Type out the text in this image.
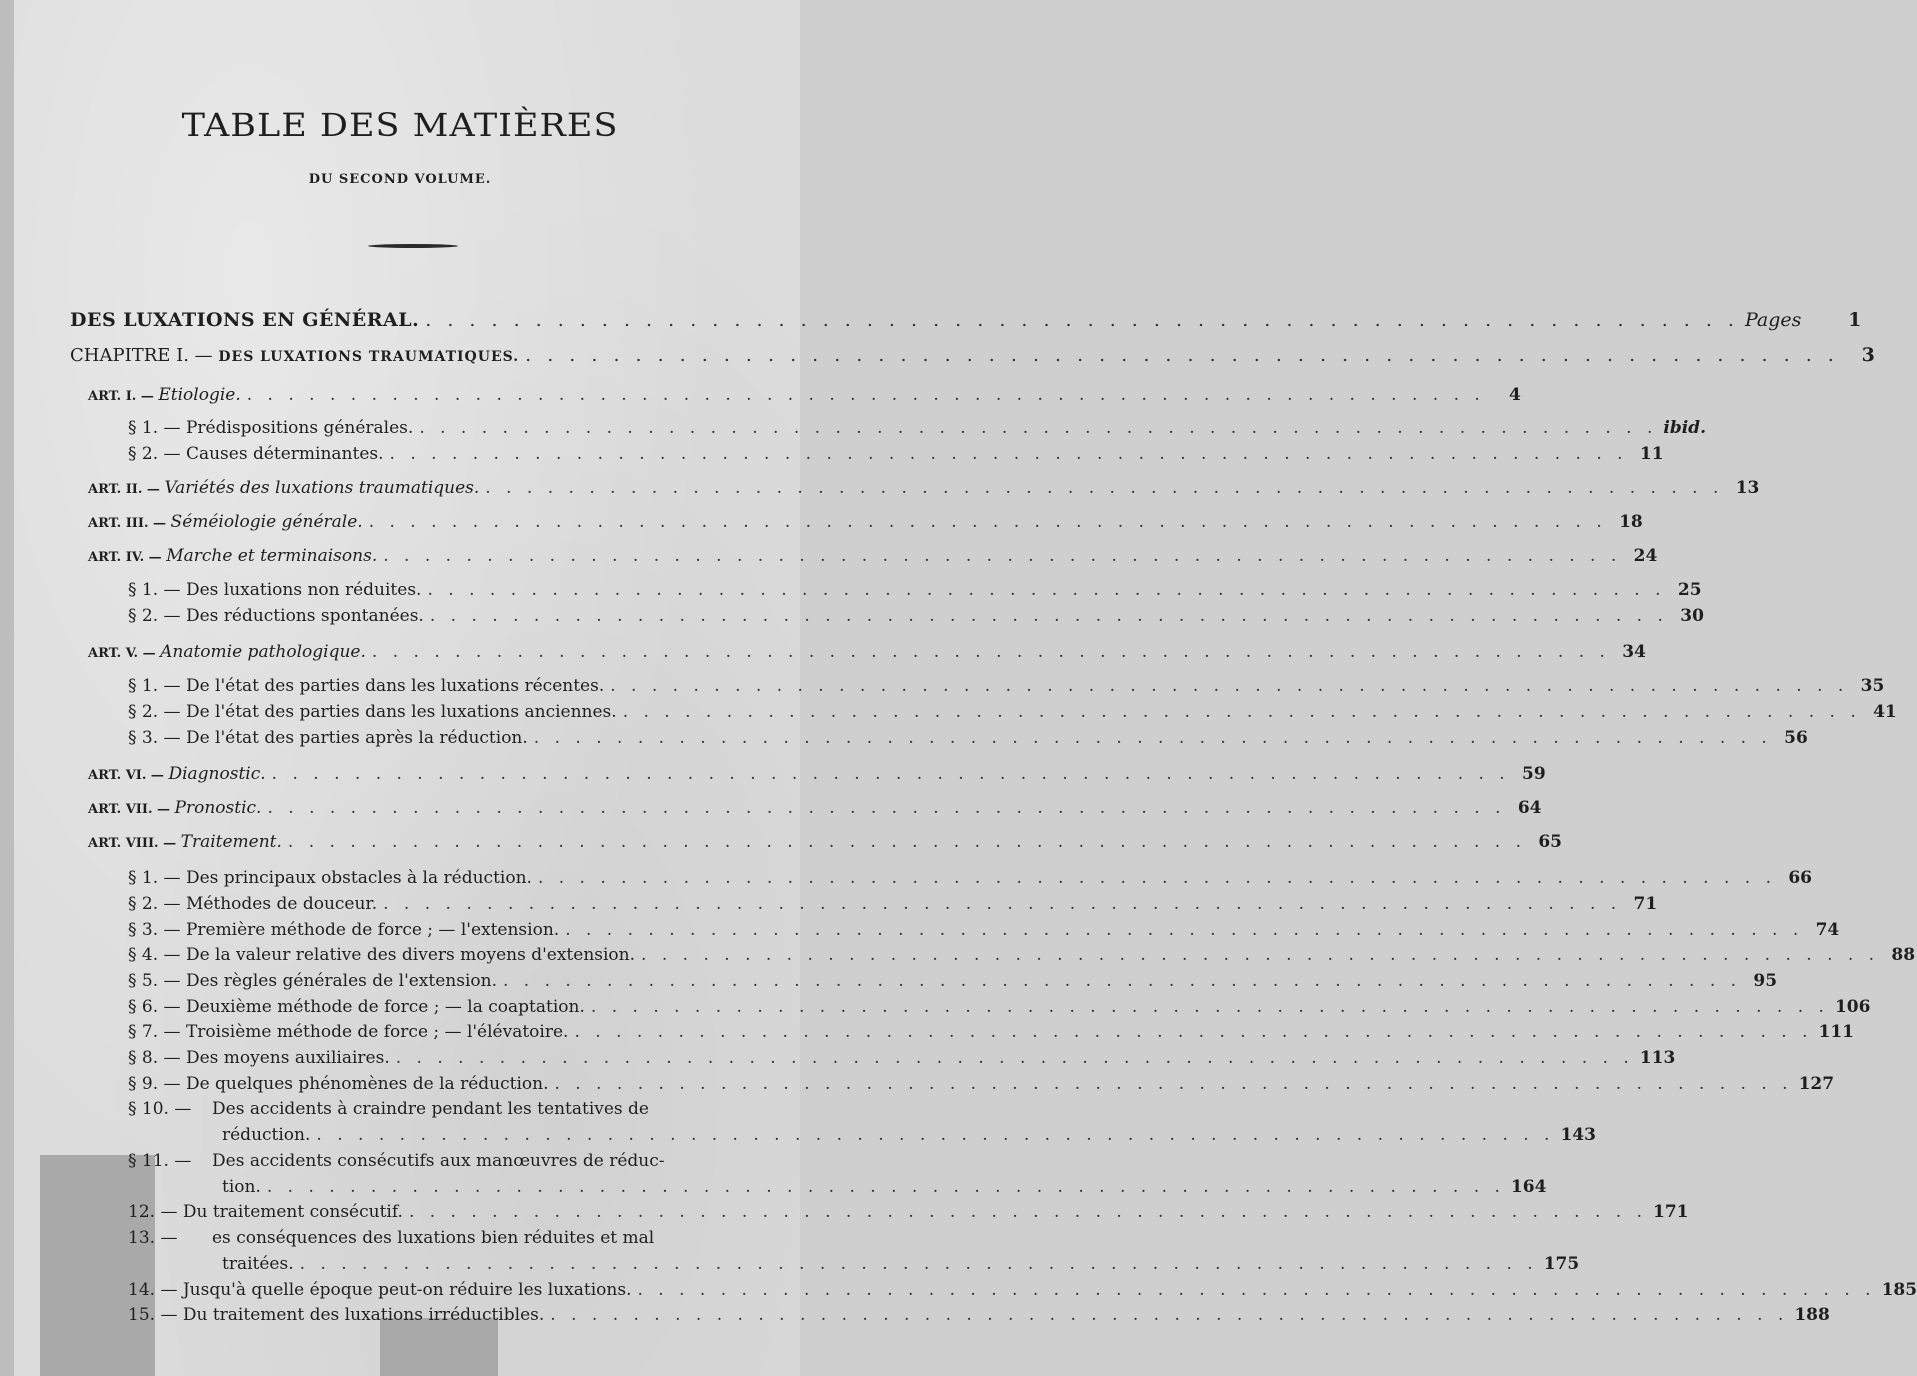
TABLE DES MATIÈRES
DU SECOND VOLUME.
DES LUXATIONS EN GÉNÉRAL. . . . . . . . . . . . . . . . . . . . . . . . . . . . . . . . . . . . . . . . . . . . . . . . . . . . . . . . . . . . . Pages	1
CHAPITRE I. — DES LUXATIONS TRAUMATIQUES. . . . . . . . . . . . . . . . . . . . . . . . . . . . . . . . . . . . . . . . . . . . . . . . . . . . . . . . . . . . .	3
ART. I. — Etiologie. . . . . . . . . . . . . . . . . . . . . . . . . . . . . . . . . . . . . . . . . . . . . . . . . . . . . . . . . . . . .	4
§ 1. — Prédispositions générales. . . . . . . . . . . . . . . . . . . . . . . . . . . . . . . . . . . . . . . . . . . . . . . . . . . . . . . . . . . . . ibid.
§ 2. — Causes déterminantes. . . . . . . . . . . . . . . . . . . . . . . . . . . . . . . . . . . . . . . . . . . . . . . . . . . . . . . . . . . . . 11
ART. II. — Variétés des luxations traumatiques. . . . . . . . . . . . . . . . . . . . . . . . . . . . . . . . . . . . . . . . . . . . . . . . . . . . . . . . . . . . . 13
ART. III. — Séméiologie générale. . . . . . . . . . . . . . . . . . . . . . . . . . . . . . . . . . . . . . . . . . . . . . . . . . . . . . . . . . . . . 18
ART. IV. — Marche et terminaisons. . . . . . . . . . . . . . . . . . . . . . . . . . . . . . . . . . . . . . . . . . . . . . . . . . . . . . . . . . . . . 24
§ 1. — Des luxations non réduites. . . . . . . . . . . . . . . . . . . . . . . . . . . . . . . . . . . . . . . . . . . . . . . . . . . . . . . . . . . . . 25
§ 2. — Des réductions spontanées. . . . . . . . . . . . . . . . . . . . . . . . . . . . . . . . . . . . . . . . . . . . . . . . . . . . . . . . . . . . . 30
ART. V. — Anatomie pathologique. . . . . . . . . . . . . . . . . . . . . . . . . . . . . . . . . . . . . . . . . . . . . . . . . . . . . . . . . . . . . 34
§ 1. — De l'état des parties dans les luxations récentes. . . . . . . . . . . . . . . . . . . . . . . . . . . . . . . . . . . . . . . . . . . . . . . . . . . . . . . . . . . . . 35
§ 2. — De l'état des parties dans les luxations anciennes. . . . . . . . . . . . . . . . . . . . . . . . . . . . . . . . . . . . . . . . . . . . . . . . . . . . . . . . . . . . . 41
§ 3. — De l'état des parties après la réduction. . . . . . . . . . . . . . . . . . . . . . . . . . . . . . . . . . . . . . . . . . . . . . . . . . . . . . . . . . . . . 56
ART. VI. — Diagnostic. . . . . . . . . . . . . . . . . . . . . . . . . . . . . . . . . . . . . . . . . . . . . . . . . . . . . . . . . . . . . 59
ART. VII. — Pronostic. . . . . . . . . . . . . . . . . . . . . . . . . . . . . . . . . . . . . . . . . . . . . . . . . . . . . . . . . . . . . 64
ART. VIII. — Traitement. . . . . . . . . . . . . . . . . . . . . . . . . . . . . . . . . . . . . . . . . . . . . . . . . . . . . . . . . . . . . 65
§ 1. — Des principaux obstacles à la réduction. . . . . . . . . . . . . . . . . . . . . . . . . . . . . . . . . . . . . . . . . . . . . . . . . . . . . . . . . . . . . 66
§ 2. — Méthodes de douceur. . . . . . . . . . . . . . . . . . . . . . . . . . . . . . . . . . . . . . . . . . . . . . . . . . . . . . . . . . . . . 71
§ 3. — Première méthode de force ; — l'extension. . . . . . . . . . . . . . . . . . . . . . . . . . . . . . . . . . . . . . . . . . . . . . . . . . . . . . . . . . . . . 74
§ 4. — De la valeur relative des divers moyens d'extension. . . . . . . . . . . . . . . . . . . . . . . . . . . . . . . . . . . . . . . . . . . . . . . . . . . . . . . . . . . . . 88
§ 5. — Des règles générales de l'extension. . . . . . . . . . . . . . . . . . . . . . . . . . . . . . . . . . . . . . . . . . . . . . . . . . . . . . . . . . . . . 95
§ 6. — Deuxième méthode de force ; — la coaptation. . . . . . . . . . . . . . . . . . . . . . . . . . . . . . . . . . . . . . . . . . . . . . . . . . . . . . . . . . . . . 106
§ 7. — Troisième méthode de force ; — l'élévatoire. . . . . . . . . . . . . . . . . . . . . . . . . . . . . . . . . . . . . . . . . . . . . . . . . . . . . . . . . . . . . 111
§ 8. — Des moyens auxiliaires. . . . . . . . . . . . . . . . . . . . . . . . . . . . . . . . . . . . . . . . . . . . . . . . . . . . . . . . . . . . . 113
§ 9. — De quelques phénomènes de la réduction. . . . . . . . . . . . . . . . . . . . . . . . . . . . . . . . . . . . . . . . . . . . . . . . . . . . . . . . . . . . . 127
§ 10. — Des accidents à craindre pendant les tentatives de
réduction. . . . . . . . . . . . . . . . . . . . . . . . . . . . . . . . . . . . . . . . . . . . . . . . . . . . . . . . . . . . . 143
§ 11. — Des accidents consécutifs aux manœuvres de réduc-
tion. . . . . . . . . . . . . . . . . . . . . . . . . . . . . . . . . . . . . . . . . . . . . . . . . . . . . . . . . . . . . 164
12. — Du traitement consécutif. . . . . . . . . . . . . . . . . . . . . . . . . . . . . . . . . . . . . . . . . . . . . . . . . . . . . . . . . . . . . 171
13. —	es conséquences des luxations bien réduites et mal
traitées. . . . . . . . . . . . . . . . . . . . . . . . . . . . . . . . . . . . . . . . . . . . . . . . . . . . . . . . . . . . . 175
14. — Jusqu'à quelle époque peut-on réduire les luxations. . . . . . . . . . . . . . . . . . . . . . . . . . . . . . . . . . . . . . . . . . . . . . . . . . . . . . . . . . . . . 185
15. — Du traitement des luxations irréductibles. . . . . . . . . . . . . . . . . . . . . . . . . . . . . . . . . . . . . . . . . . . . . . . . . . . . . . . . . . . . . 188
